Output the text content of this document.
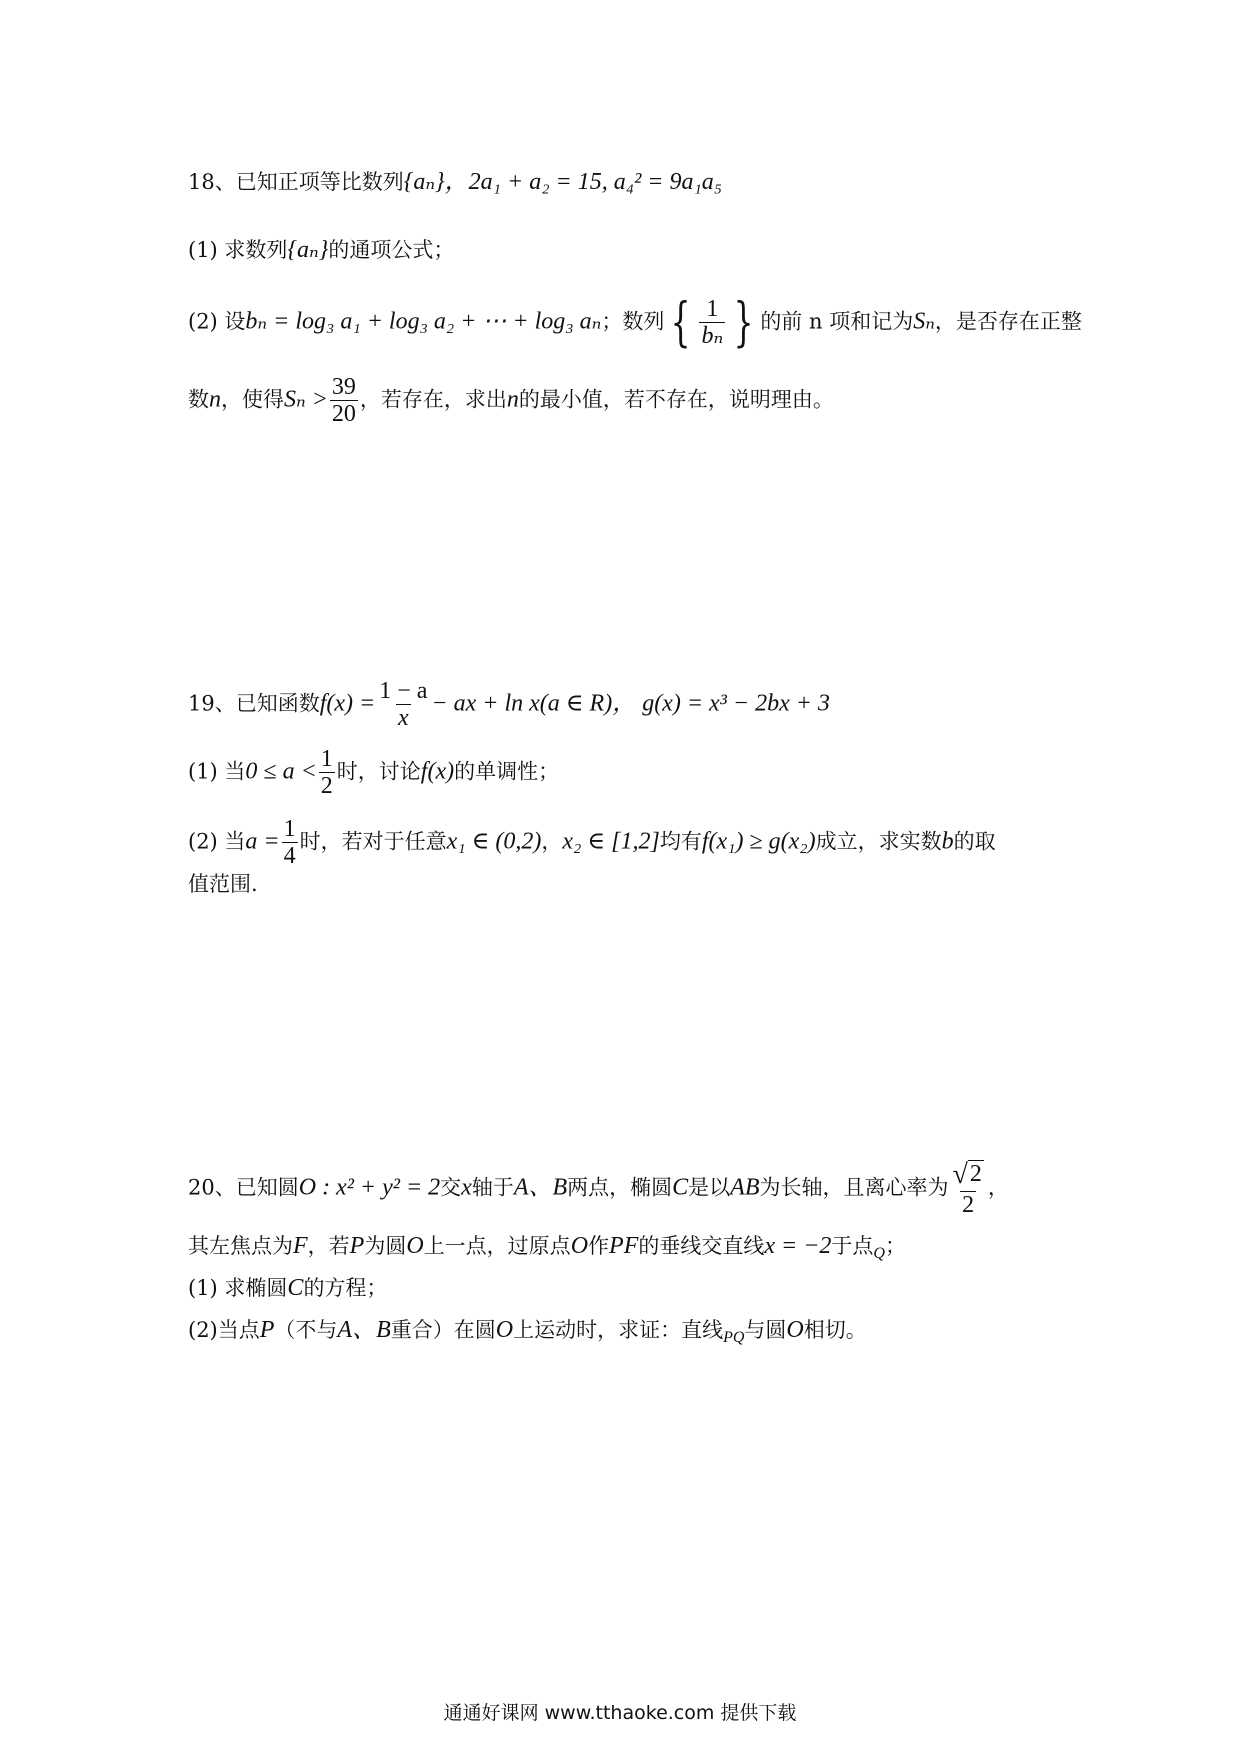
18、已知正项等比数列{aₙ}，2a₁ + a₂ = 15, a₄² = 9a₁a₅
(1) 求数列{aₙ}的通项公式；
(2) 设bₙ = log₃ a₁ + log₃ a₂ + ⋯ + log₃ aₙ；数列 { $\frac{1}{\text{bₙ}}$ } 的前 n 项和记为Sₙ，是否存在正整
数n，使得$S_n > \frac{39}{20}$ ，若存在，求出n的最小值，若不存在，说明理由。
19、已知函数$f(x) = \frac{1 - a}{x}$ − ax + ln x(a ∈ R)， g(x) = x³ − 2bx + 3
(1) 当$0 \le a < \frac{1}{2}$ 时，讨论f(x)的单调性；
(2) 当$a = \frac{1}{4}$ 时，若对于任意x₁ ∈ (0,2)，x₂ ∈ [1,2]均有f(x₁) ≥ g(x₂)成立，求实数b的取
值范围.
20、已知圆O : x² + y² = 2交x轴于A、B两点，椭圆C是以AB为长轴，且离心率为 $\frac{√ 2}{2}$ ，
其左焦点为F，若P为圆O上一点，过原点O作PF的垂线交直线x = −2于点$_Q$；
(1) 求椭圆C的方程；
(2)当点P（不与A、B重合）在圆O上运动时，求证：直线$_{PQ}$与圆O相切。
通通好课网 www.tthaoke.com 提供下载
